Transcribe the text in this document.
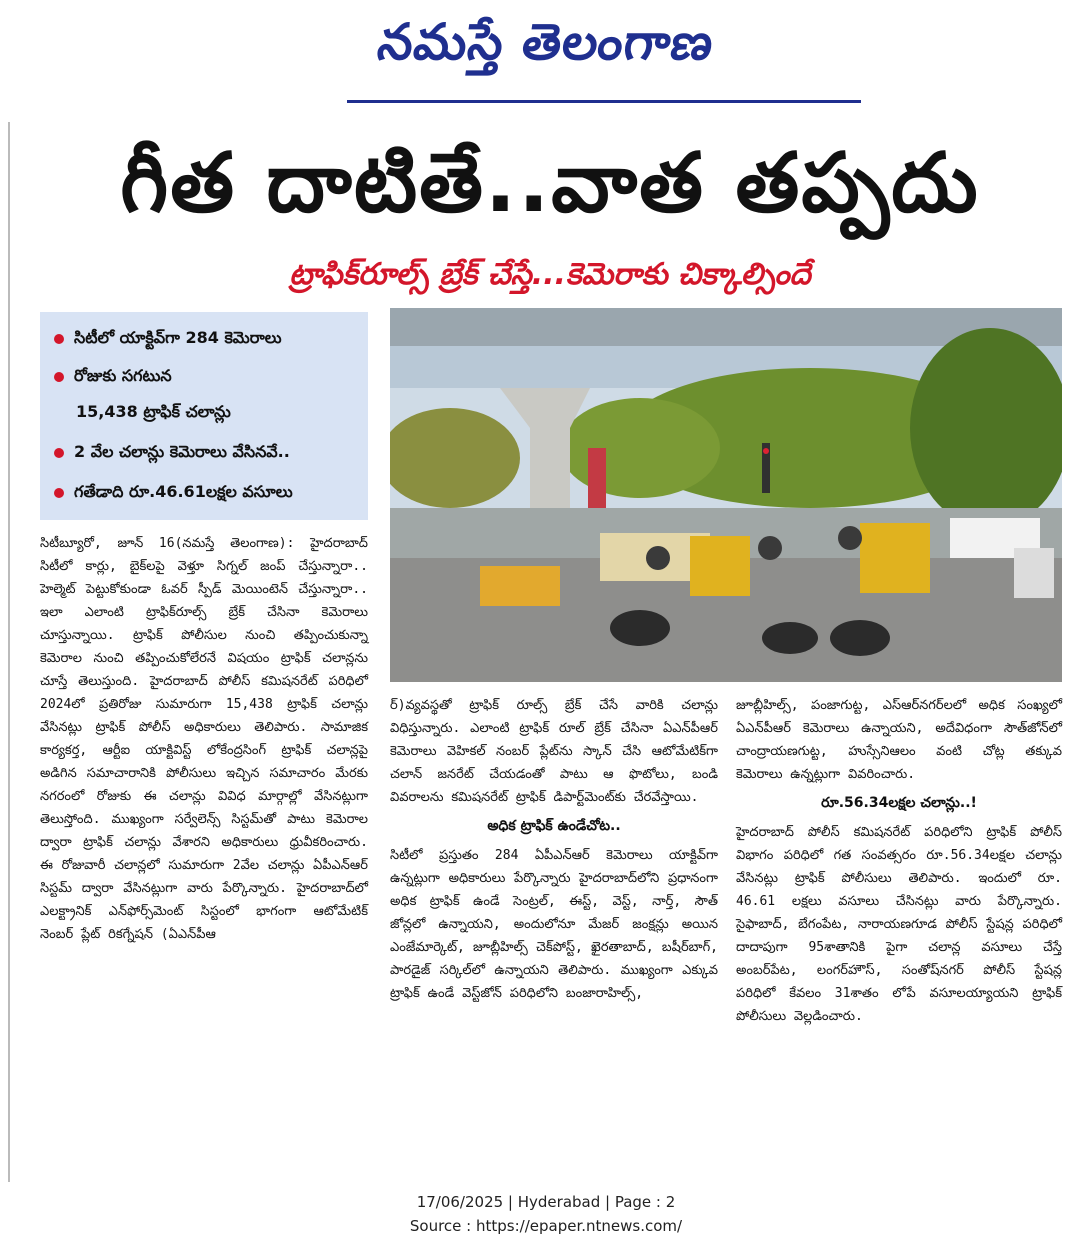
నమస్తే తెలంగాణ
గీత దాటితే..వాత తప్పదు
ట్రాఫిక్‌రూల్స్ బ్రేక్ చేస్తే...కెమెరాకు చిక్కాల్సిందే
సిటీలో యాక్టివ్‌గా 284 కెమెరాలు
రోజుకు సగటున
15,438 ట్రాఫిక్ చలాన్లు
2 వేల చలాన్లు కెమెరాలు వేసినవే..
గతేడాది రూ.46.61లక్షల వసూలు

సిటీబ్యూరో, జూన్ 16(నమస్తే తెలంగాణ): హైదరాబాద్ సిటీలో కార్లు, బైక్‌లపై వెళ్తూ సిగ్నల్ జంప్ చేస్తున్నారా.. హెల్మెట్ పెట్టుకోకుండా ఓవర్ స్పీడ్ మెయింటెన్ చేస్తున్నారా.. ఇలా ఎలాంటి ట్రాఫిక్‌రూల్స్ బ్రేక్ చేసినా కెమెరాలు చూస్తున్నాయి. ట్రాఫిక్ పోలీసుల నుంచి తప్పించుకున్నా కెమెరాల నుంచి తప్పించుకోలేరనే విషయం ట్రాఫిక్ చలాన్లను చూస్తే తెలుస్తుంది. హైదరాబాద్ పోలీస్ కమిషనరేట్ పరిధిలో 2024లో ప్రతిరోజు సుమారుగా 15,438 ట్రాఫిక్ చలాన్లు వేసినట్లు ట్రాఫిక్ పోలీస్ అధికారులు తెలిపారు. సామాజిక కార్యకర్త, ఆర్టీఐ యాక్టివిస్ట్ లోకేంద్రసింగ్ ట్రాఫిక్ చలాన్లపై అడిగిన సమాచారానికి పోలీసులు ఇచ్చిన సమాచారం మేరకు నగరంలో రోజుకు ఈ చలాన్లు వివిధ మార్గాల్లో వేసినట్లుగా తెలుస్తోంది. ముఖ్యంగా సర్వేలెన్స్ సిస్టమ్‌తో పాటు కెమెరాల ద్వారా ట్రాఫిక్ చలాన్లు వేశారని అధికారులు ధ్రువీకరించారు. ఈ రోజువారీ చలాన్లలో సుమారుగా 2వేల చలాన్లు ఏపీఎన్ఆర్ సిస్టమ్ ద్వారా వేసినట్లుగా వారు పేర్కొన్నారు. హైదరాబాద్‌లో ఎలక్ట్రానిక్ ఎన్‌ఫోర్స్‌మెంట్ సిస్టంలో భాగంగా ఆటోమేటిక్ నెంబర్ ప్లేట్ రికగ్నేషన్ (ఏఎన్‌పీఆ

ర్)వ్యవస్థతో ట్రాఫిక్ రూల్స్ బ్రేక్ చేసే వారికి చలాన్లు విధిస్తున్నారు. ఎలాంటి ట్రాఫిక్ రూల్ బ్రేక్ చేసినా ఏఎన్‌పీఆర్ కెమెరాలు వెహికల్ నంబర్ ప్లేట్‌ను స్కాన్ చేసి ఆటోమేటిక్‌గా చలాన్ జనరేట్ చేయడంతో పాటు ఆ ఫొటోలు, బండి వివరాలను కమిషనరేట్ ట్రాఫిక్ డిపార్ట్‌మెంట్‌కు చేరవేస్తాయి.

అధిక ట్రాఫిక్ ఉండేచోట..

సిటీలో ప్రస్తుతం 284 ఏపీఎన్ఆర్ కెమెరాలు యాక్టివ్‌గా ఉన్నట్లుగా అధికారులు పేర్కొన్నారు హైదరాబాద్‌లోని ప్రధానంగా అధిక ట్రాఫిక్ ఉండే సెంట్రల్, ఈస్ట్, వెస్ట్, నార్త్, సౌత్ జోన్లలో ఉన్నాయని, అందులోనూ మేజర్ జంక్షన్లు అయిన ఎంజేమార్కెట్, జూబ్లీహిల్స్ చెక్‌పోస్ట్, ఖైరతాబాద్, బషీర్‌బాగ్, పారడైజ్ సర్కిల్‌లో ఉన్నాయని తెలిపారు. ముఖ్యంగా ఎక్కువ ట్రాఫిక్ ఉండే వెస్ట్‌జోన్ పరిధిలోని బంజారాహిల్స్,

జూబ్లీహిల్స్, పంజాగుట్ట, ఎస్ఆర్‌నగర్‌లలో అధిక సంఖ్యలో ఏఎన్‌పీఆర్ కెమెరాలు ఉన్నాయని, అదేవిధంగా సౌత్‌జోన్‌లో చాంద్రాయణగుట్ట, హుస్సేనిఆలం వంటి చోట్ల తక్కువ కెమెరాలు ఉన్నట్లుగా వివరించారు.

రూ.56.34లక్షల చలాన్లు..!

హైదరాబాద్ పోలీస్ కమిషనరేట్ పరిధిలోని ట్రాఫిక్ పోలీస్ విభాగం పరిధిలో గత సంవత్సరం రూ.56.34లక్షల చలాన్లు వేసినట్లు ట్రాఫిక్ పోలీసులు తెలిపారు. ఇందులో రూ. 46.61 లక్షలు వసూలు చేసినట్లు వారు పేర్కొన్నారు. సైఫాబాద్, బేగంపేట, నారాయణగూడ పోలీస్ స్టేషన్ల పరిధిలో దాదాపుగా 95శాతానికి పైగా చలాన్ల వసూలు చేస్తే అంబర్‌పేట, లంగర్‌హౌస్, సంతోష్‌నగర్ పోలీస్ స్టేషన్ల పరిధిలో కేవలం 31శాతం లోపే వసూలయ్యాయని ట్రాఫిక్ పోలీసులు వెల్లడించారు.

17/06/2025 | Hyderabad | Page : 2
Source : https://epaper.ntnews.com/
